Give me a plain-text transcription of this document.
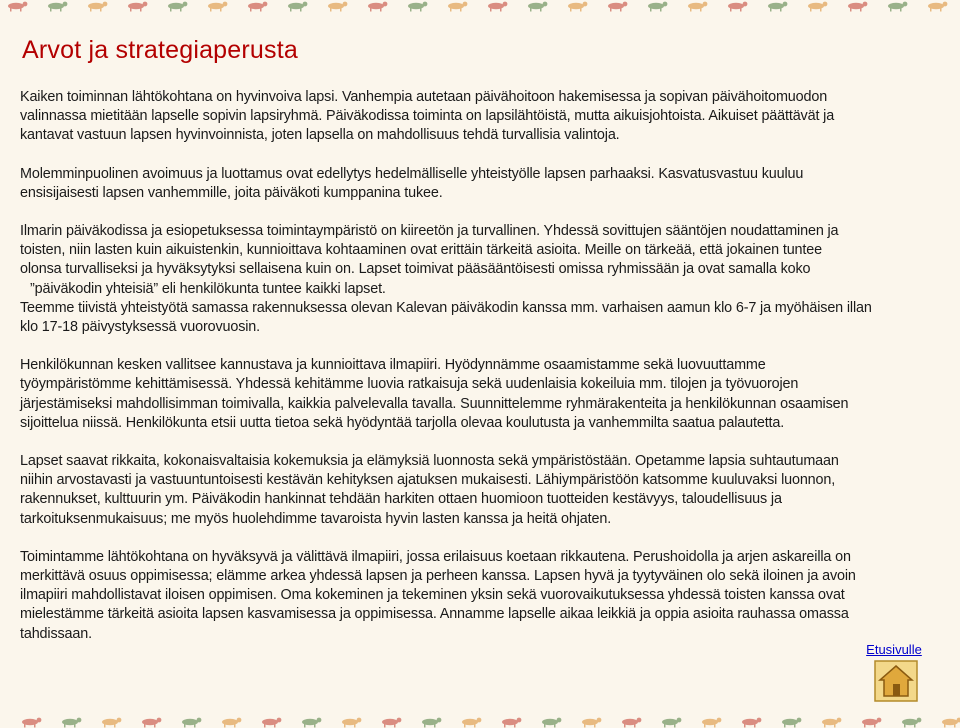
Arvot ja strategiaperusta

Kaiken toiminnan lähtökohtana on hyvinvoiva lapsi. Vanhempia autetaan päivähoitoon hakemisessa ja sopivan päivähoitomuodon
valinnassa mietitään lapselle sopivin lapsiryhmä. Päiväkodissa toiminta on lapsilähtöistä, mutta aikuisjohtoista. Aikuiset päättävät ja
kantavat vastuun lapsen hyvinvoinnista, joten lapsella on mahdollisuus tehdä turvallisia valintoja.

Molemminpuolinen avoimuus ja luottamus ovat edellytys hedelmälliselle yhteistyölle lapsen parhaaksi. Kasvatusvastuu kuuluu
ensisijaisesti lapsen vanhemmille, joita päiväkoti kumppanina tukee.

Ilmarin päiväkodissa ja esiopetuksessa toimintaympäristö on kiireetön ja turvallinen. Yhdessä sovittujen sääntöjen noudattaminen ja
toisten, niin lasten kuin aikuistenkin, kunnioittava kohtaaminen ovat erittäin tärkeitä asioita. Meille on tärkeää, että jokainen tuntee
olonsa turvalliseksi ja hyväksytyksi sellaisena kuin on. Lapset toimivat pääsääntöisesti omissa ryhmissään ja ovat samalla koko
”päiväkodin yhteisiä” eli henkilökunta tuntee kaikki lapset.
Teemme tiivistä yhteistyötä samassa rakennuksessa olevan Kalevan päiväkodin kanssa mm. varhaisen aamun klo 6-7 ja myöhäisen illan
klo 17-18 päivystyksessä vuorovuosin.

Henkilökunnan kesken vallitsee kannustava ja kunnioittava ilmapiiri. Hyödynnämme osaamistamme sekä luovuuttamme
työympäristömme kehittämisessä. Yhdessä kehitämme luovia ratkaisuja sekä uudenlaisia kokeiluia mm. tilojen ja työvuorojen
järjestämiseksi mahdollisimman toimivalla, kaikkia palvelevalla tavalla. Suunnittelemme ryhmärakenteita ja henkilökunnan osaamisen
sijoittelua niissä. Henkilökunta etsii uutta tietoa sekä hyödyntää tarjolla olevaa koulutusta ja vanhemmilta saatua palautetta.

Lapset saavat rikkaita, kokonaisvaltaisia kokemuksia ja elämyksiä luonnosta sekä ympäristöstään. Opetamme lapsia suhtautumaan
niihin arvostavasti ja vastuuntuntoisesti kestävän kehityksen ajatuksen mukaisesti. Lähiympäristöön katsomme kuuluvaksi luonnon,
rakennukset, kulttuurin ym. Päiväkodin hankinnat tehdään harkiten ottaen huomioon tuotteiden kestävyys, taloudellisuus ja
tarkoituksenmukaisuus; me myös huolehdimme tavaroista hyvin lasten kanssa ja heitä ohjaten.

Toimintamme lähtökohtana on hyväksyvä ja välittävä ilmapiiri, jossa erilaisuus koetaan rikkautena. Perushoidolla ja arjen askareilla on
merkittävä osuus oppimisessa; elämme arkea yhdessä lapsen ja perheen kanssa. Lapsen hyvä ja tyytyväinen olo sekä iloinen ja avoin
ilmapiiri mahdollistavat iloisen oppimisen. Oma kokeminen ja tekeminen yksin sekä vuorovaikutuksessa yhdessä toisten kanssa ovat
mielestämme tärkeitä asioita lapsen kasvamisessa ja oppimisessa. Annamme lapselle aikaa leikkiä ja oppia asioita rauhassa omassa
tahdissaan.

Etusivulle
